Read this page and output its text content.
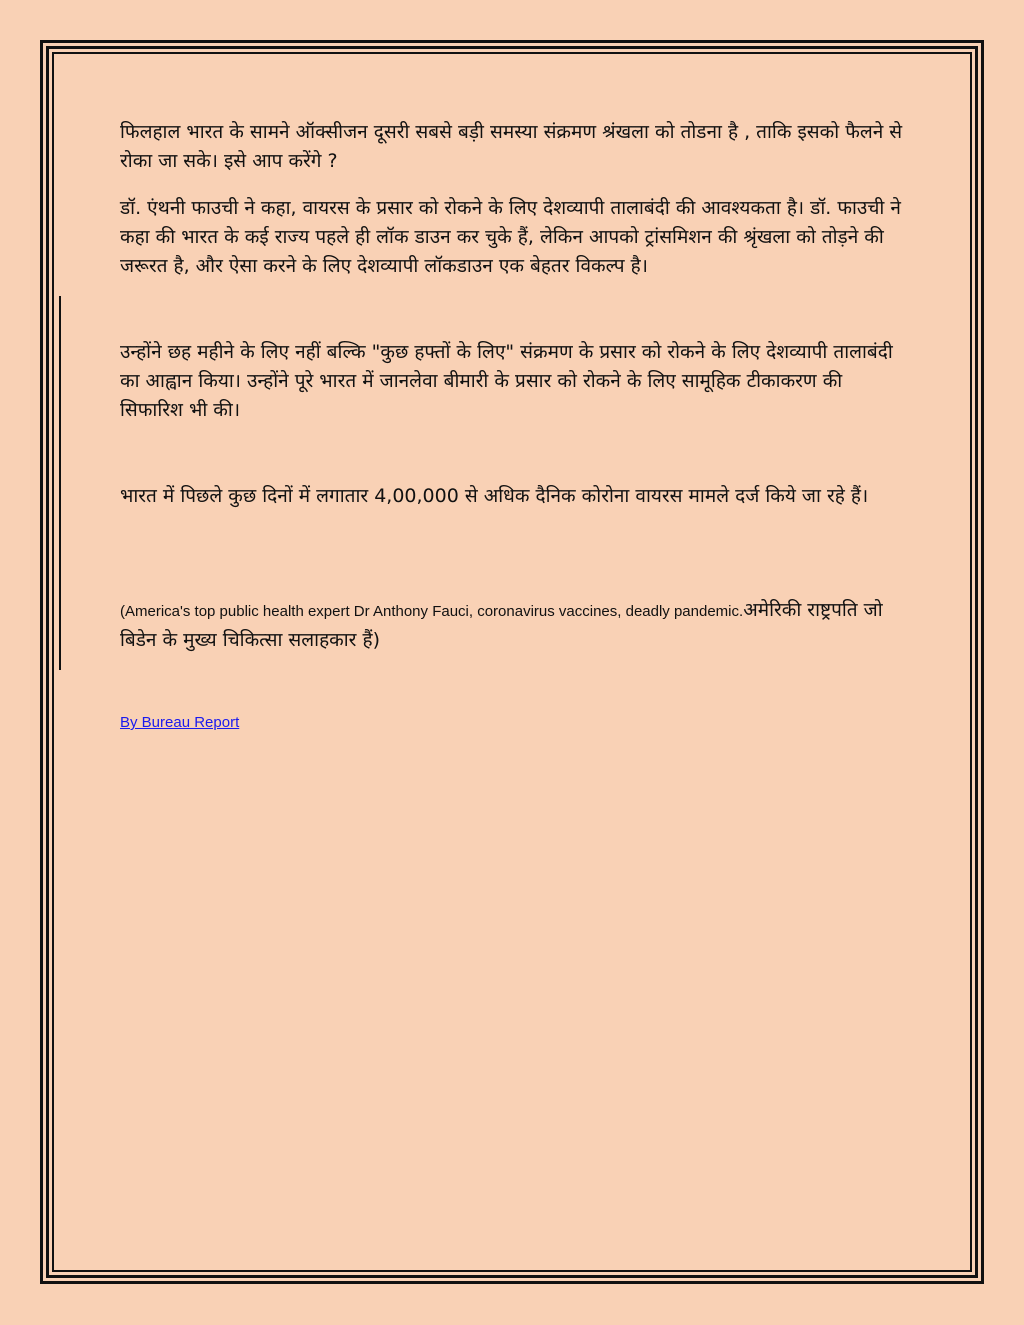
फिलहाल भारत के सामने ऑक्सीजन दूसरी सबसे बड़ी समस्या संक्रमण श्रंखला को तोडना है , ताकि इसको फैलने से रोका जा सके। इसे आप करेंगे ?

डॉ. एंथनी फाउची ने कहा, वायरस के प्रसार को रोकने के लिए देशव्यापी तालाबंदी की आवश्यकता है। डॉ. फाउची ने कहा की भारत के कई राज्य पहले ही लॉक डाउन कर चुके हैं, लेकिन आपको ट्रांसमिशन की श्रृंखला को तोड़ने की जरूरत है, और ऐसा करने के लिए देशव्यापी लॉकडाउन एक बेहतर विकल्प है।

उन्होंने छह महीने के लिए नहीं बल्कि "कुछ हफ्तों के लिए" संक्रमण के प्रसार को रोकने के लिए देशव्यापी तालाबंदी का आह्वान किया। उन्होंने पूरे भारत में जानलेवा बीमारी के प्रसार को रोकने के लिए सामूहिक टीकाकरण की सिफारिश भी की।

भारत में पिछले कुछ दिनों में लगातार 4,00,000 से अधिक दैनिक कोरोना वायरस मामले दर्ज किये जा रहे हैं।

(America's top public health expert Dr Anthony Fauci, coronavirus vaccines, deadly pandemic.अमेरिकी राष्ट्रपति जो बिडेन के मुख्य चिकित्सा सलाहकार हैं)

By Bureau Report
